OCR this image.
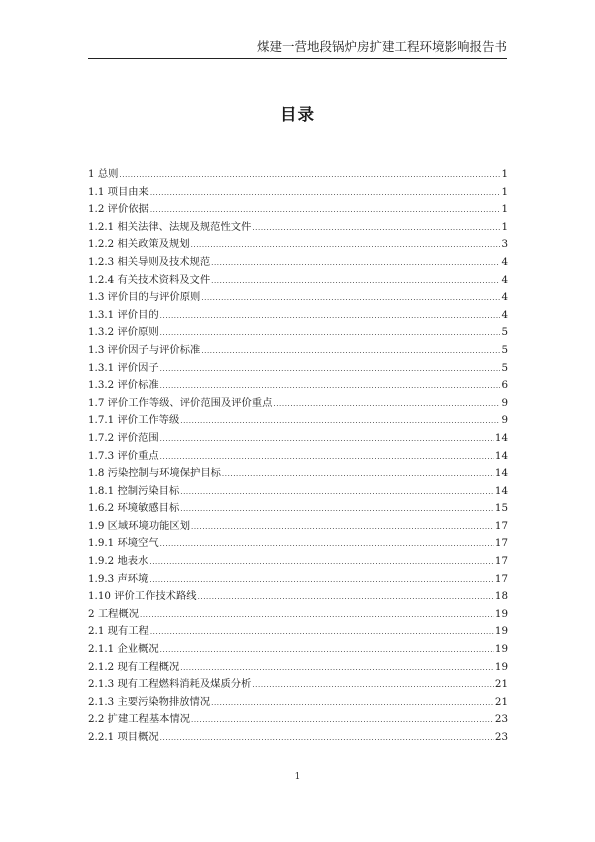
煤建一营地段锅炉房扩建工程环境影响报告书
目录
1 总则 .....	1
1.1 项目由来 .....	1
1.2 评价依据 .....	1
1.2.1 相关法律、法规及规范性文件 .....	1
1.2.2 相关政策及规划 .....	3
1.2.3 相关导则及技术规范 .....	4
1.2.4 有关技术资料及文件 .....	4
1.3 评价目的与评价原则 .....	4
1.3.1 评价目的 .....	4
1.3.2 评价原则 .....	5
1.3 评价因子与评价标准 .....	5
1.3.1 评价因子 .....	5
1.3.2 评价标准 .....	6
1.7 评价工作等级、评价范围及评价重点 .....	9
1.7.1 评价工作等级 .....	9
1.7.2 评价范围 .....	14
1.7.3 评价重点 .....	14
1.8 污染控制与环境保护目标 .....	14
1.8.1 控制污染目标 .....	14
1.6.2 环境敏感目标 .....	15
1.9 区域环境功能区划 .....	17
1.9.1 环境空气 .....	17
1.9.2 地表水 .....	17
1.9.3 声环境 .....	17
1.10 评价工作技术路线 .....	18
2 工程概况 .....	19
2.1 现有工程 .....	19
2.1.1 企业概况 .....	19
2.1.2 现有工程概况 .....	19
2.1.3 现有工程燃料消耗及煤质分析 .....	21
2.1.3 主要污染物排放情况 .....	21
2.2 扩建工程基本情况 .....	23
2.2.1 项目概况 .....	23
1
